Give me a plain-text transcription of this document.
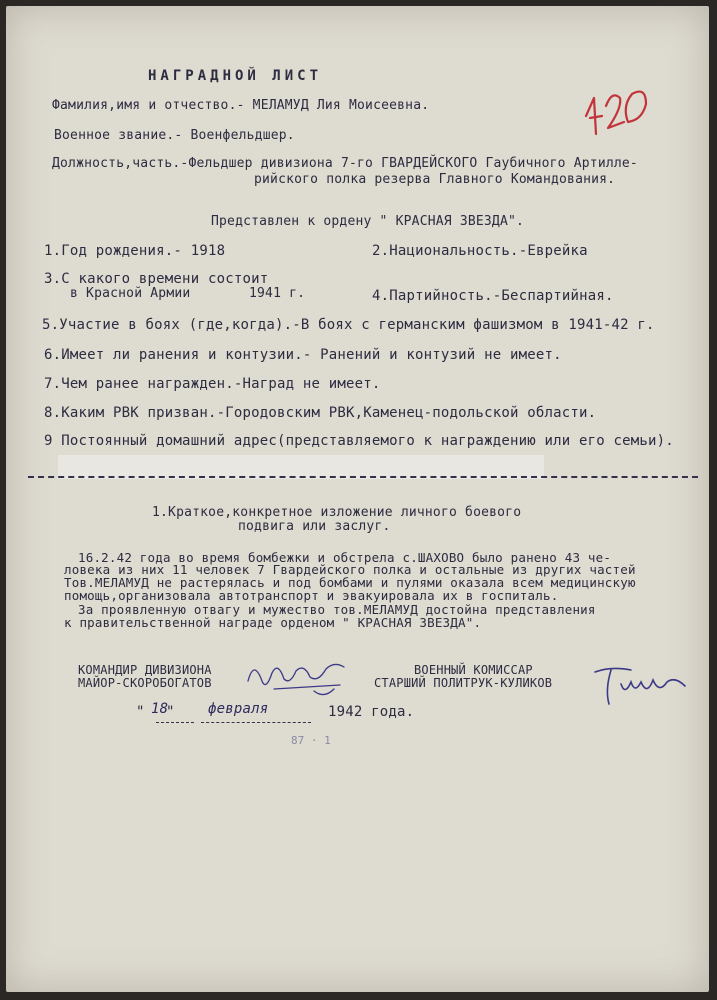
НАГРАДНОЙ ЛИСТ
Фамилия,имя и отчество.- МЕЛАМУД Лия Моисеевна.
Военное звание.- Военфельдшер.
Должность,часть.-Фельдшер дивизиона 7-го ГВАРДЕЙСКОГО Гаубичного Артилле-
рийского полка резерва Главного Командования.
Представлен к ордену " КРАСНАЯ ЗВЕЗДА".
1.Год рождения.- 1918	2.Национальность.-Еврейка
3.С какого времени состоит
в Красной Армии	1941 г.	4.Партийность.-Беспартийная.
5.Участие в боях (где,когда).-В боях с германским фашизмом в 1941-42 г.
6.Имеет ли ранения и контузии.- Ранений и контузий не имеет.
7.Чем ранее награжден.-Наград не имеет.
8.Каким РВК призван.-Городовским РВК,Каменец-подольской области.
9 Постоянный домашний адрес(представляемого к награждению или его семьи).
1.Краткое,конкретное изложение личного боевого
подвига или заслуг.
16.2.42 года во время бомбежки и обстрела с.ШАХОВО было ранено 43 че-
ловека из них 11 человек 7 Гвардейского полка и остальные из других частей
Тов.МЕЛАМУД не растерялась и под бомбами и пулями оказала всем медицинскую
помощь,организовала автотранспорт и эвакуировала их в госпиталь.
За проявленную отвагу и мужество тов.МЕЛАМУД достойна представления
к правительственной награде орденом " КРАСНАЯ ЗВЕЗДА".
КОМАНДИР ДИВИЗИОНА
МАЙОР-СКОРОБОГАТОВ
ВОЕННЫЙ КОМИССАР
СТАРШИЙ ПОЛИТРУК-КУЛИКОВ
" 18
" февраля	1942 года.
87 · 1
